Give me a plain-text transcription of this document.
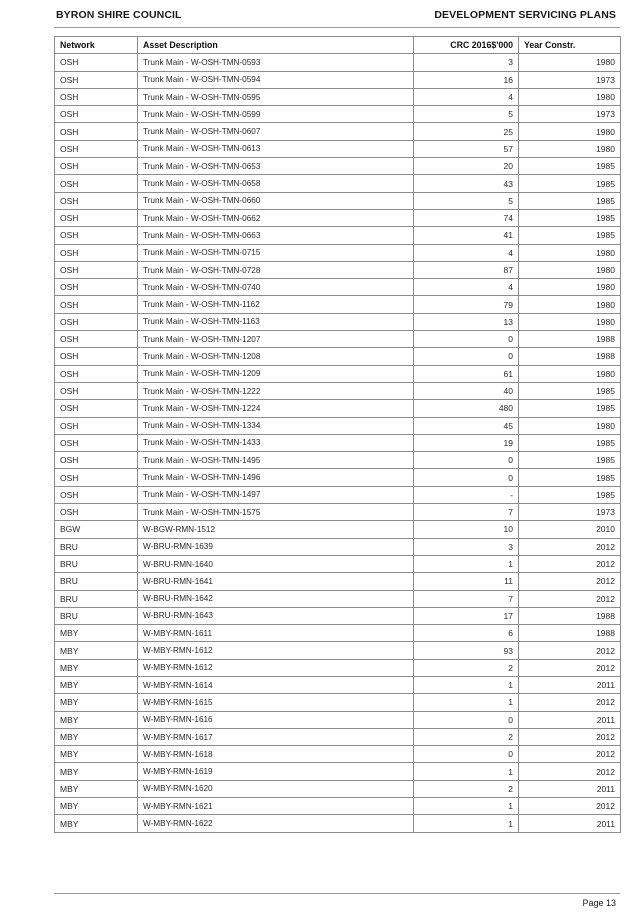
BYRON SHIRE COUNCIL	DEVELOPMENT SERVICING PLANS
Network	Asset Description	CRC 2016$'000	Year Constr.
OSH	Trunk Main - W-OSH-TMN-0593	3	1980
OSH	Trunk Main - W-OSH-TMN-0594	16	1973
OSH	Trunk Main - W-OSH-TMN-0595	4	1980
OSH	Trunk Main - W-OSH-TMN-0599	5	1973
OSH	Trunk Main - W-OSH-TMN-0607	25	1980
OSH	Trunk Main - W-OSH-TMN-0613	57	1980
OSH	Trunk Main - W-OSH-TMN-0653	20	1985
OSH	Trunk Main - W-OSH-TMN-0658	43	1985
OSH	Trunk Main - W-OSH-TMN-0660	5	1985
OSH	Trunk Main - W-OSH-TMN-0662	74	1985
OSH	Trunk Main - W-OSH-TMN-0663	41	1985
OSH	Trunk Main - W-OSH-TMN-0715	4	1980
OSH	Trunk Main - W-OSH-TMN-0728	87	1980
OSH	Trunk Main - W-OSH-TMN-0740	4	1980
OSH	Trunk Main - W-OSH-TMN-1162	79	1980
OSH	Trunk Main - W-OSH-TMN-1163	13	1980
OSH	Trunk Main - W-OSH-TMN-1207	0	1988
OSH	Trunk Main - W-OSH-TMN-1208	0	1988
OSH	Trunk Main - W-OSH-TMN-1209	61	1980
OSH	Trunk Main - W-OSH-TMN-1222	40	1985
OSH	Trunk Main - W-OSH-TMN-1224	480	1985
OSH	Trunk Main - W-OSH-TMN-1334	45	1980
OSH	Trunk Main - W-OSH-TMN-1433	19	1985
OSH	Trunk Main - W-OSH-TMN-1495	0	1985
OSH	Trunk Main - W-OSH-TMN-1496	0	1985
OSH	Trunk Main - W-OSH-TMN-1497	-	1985
OSH	Trunk Main - W-OSH-TMN-1575	7	1973
BGW	W-BGW-RMN-1512	10	2010
BRU	W-BRU-RMN-1639	3	2012
BRU	W-BRU-RMN-1640	1	2012
BRU	W-BRU-RMN-1641	11	2012
BRU	W-BRU-RMN-1642	7	2012
BRU	W-BRU-RMN-1643	17	1988
MBY	W-MBY-RMN-1611	6	1988
MBY	W-MBY-RMN-1612	93	2012
MBY	W-MBY-RMN-1612	2	2012
MBY	W-MBY-RMN-1614	1	2011
MBY	W-MBY-RMN-1615	1	2012
MBY	W-MBY-RMN-1616	0	2011
MBY	W-MBY-RMN-1617	2	2012
MBY	W-MBY-RMN-1618	0	2012
MBY	W-MBY-RMN-1619	1	2012
MBY	W-MBY-RMN-1620	2	2011
MBY	W-MBY-RMN-1621	1	2012
MBY	W-MBY-RMN-1622	1	2011
Page 13
